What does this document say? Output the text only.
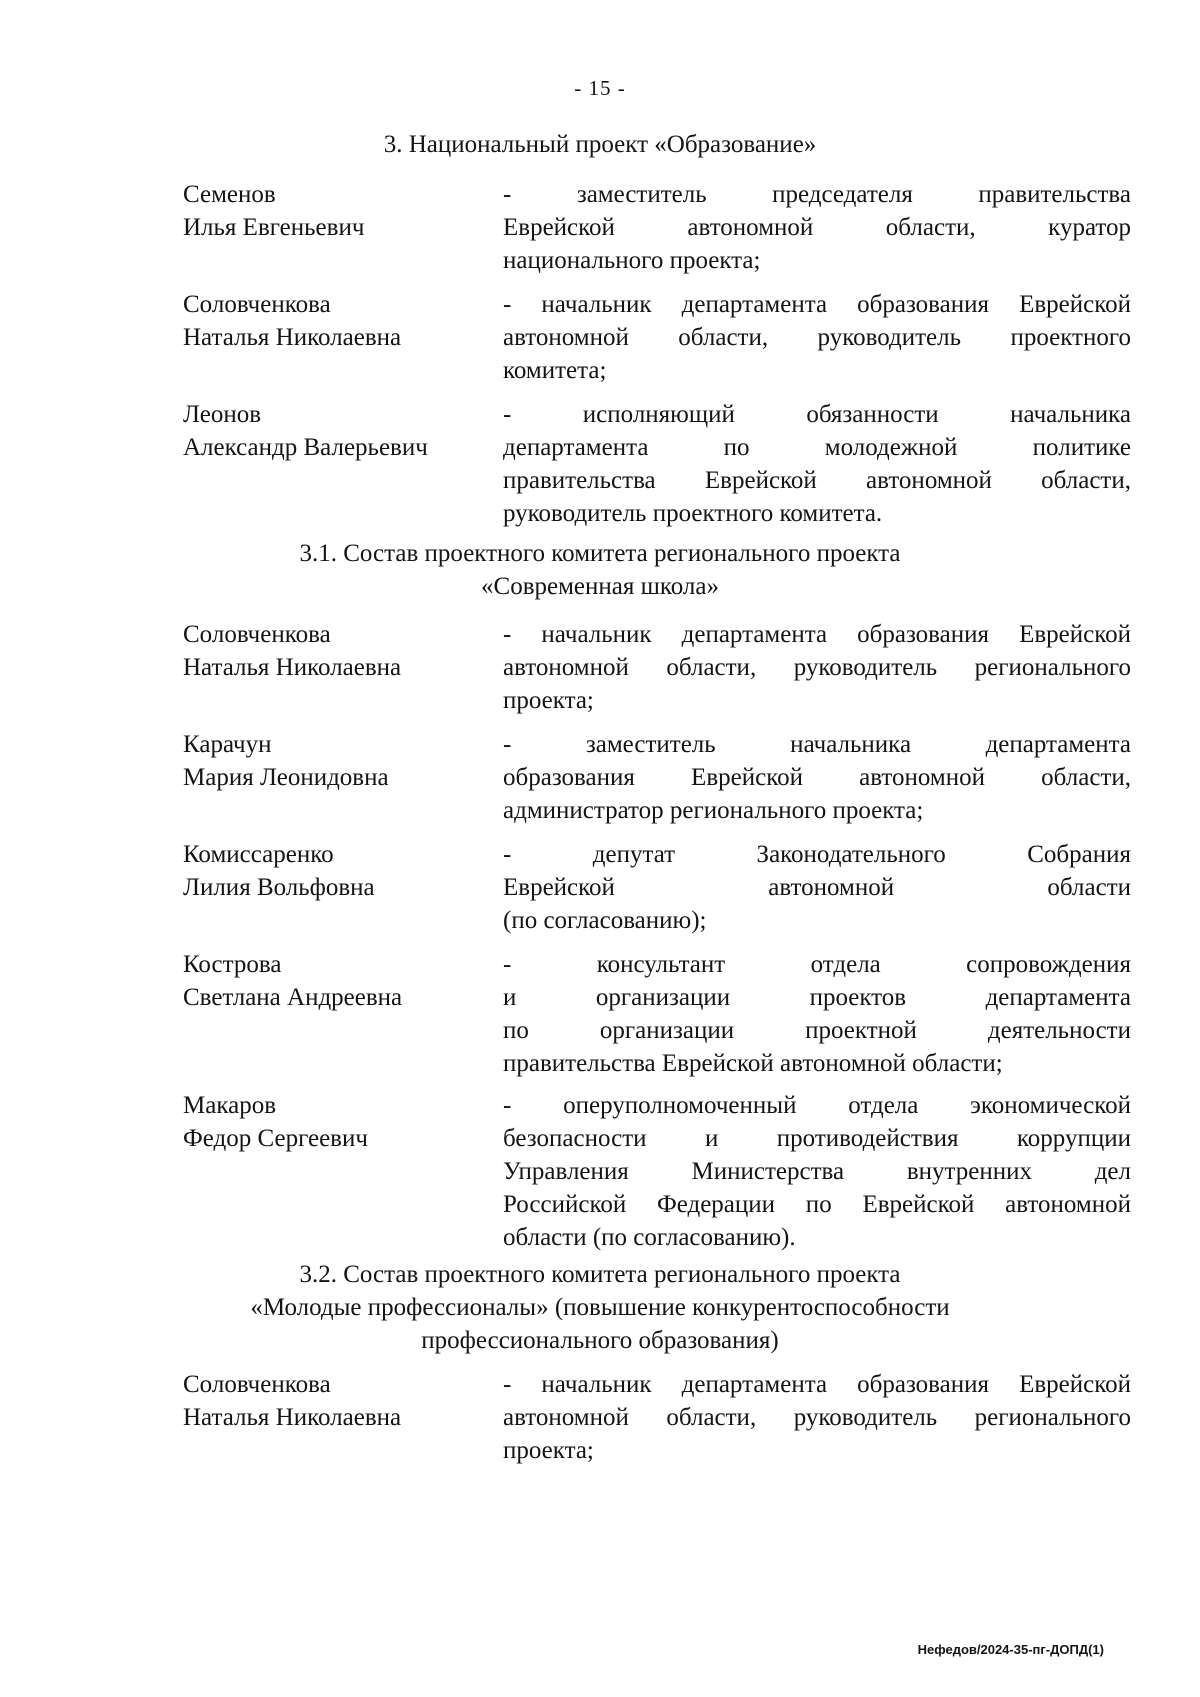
- 15 -
3. Национальный проект «Образование»
Семенов
Илья Евгеньевич
- заместитель председателя правительства
Еврейской автономной области, куратор
национального проекта;
Соловченкова
Наталья Николаевна
- начальник департамента образования Еврейской
автономной области, руководитель проектного
комитета;
Леонов
Александр Валерьевич
- исполняющий обязанности начальника
департамента по молодежной политике
правительства Еврейской автономной области,
руководитель проектного комитета.
3.1. Состав проектного комитета регионального проекта
«Современная школа»
Соловченкова
Наталья Николаевна
- начальник департамента образования Еврейской
автономной области, руководитель регионального
проекта;
Карачун
Мария Леонидовна
- заместитель начальника департамента
образования Еврейской автономной области,
администратор регионального проекта;
Комиссаренко
Лилия Вольфовна
- депутат Законодательного Собрания
Еврейской автономной области
(по согласованию);
Кострова
Светлана Андреевна
- консультант отдела сопровождения
и организации проектов департамента
по организации проектной деятельности
правительства Еврейской автономной области;
Макаров
Федор Сергеевич
- оперуполномоченный отдела экономической
безопасности и противодействия коррупции
Управления Министерства внутренних дел
Российской Федерации по Еврейской автономной
области (по согласованию).
3.2. Состав проектного комитета регионального проекта
«Молодые профессионалы» (повышение конкурентоспособности
профессионального образования)
Соловченкова
Наталья Николаевна
- начальник департамента образования Еврейской
автономной области, руководитель регионального
проекта;
Нефедов/2024-35-пг-ДОПД(1)
